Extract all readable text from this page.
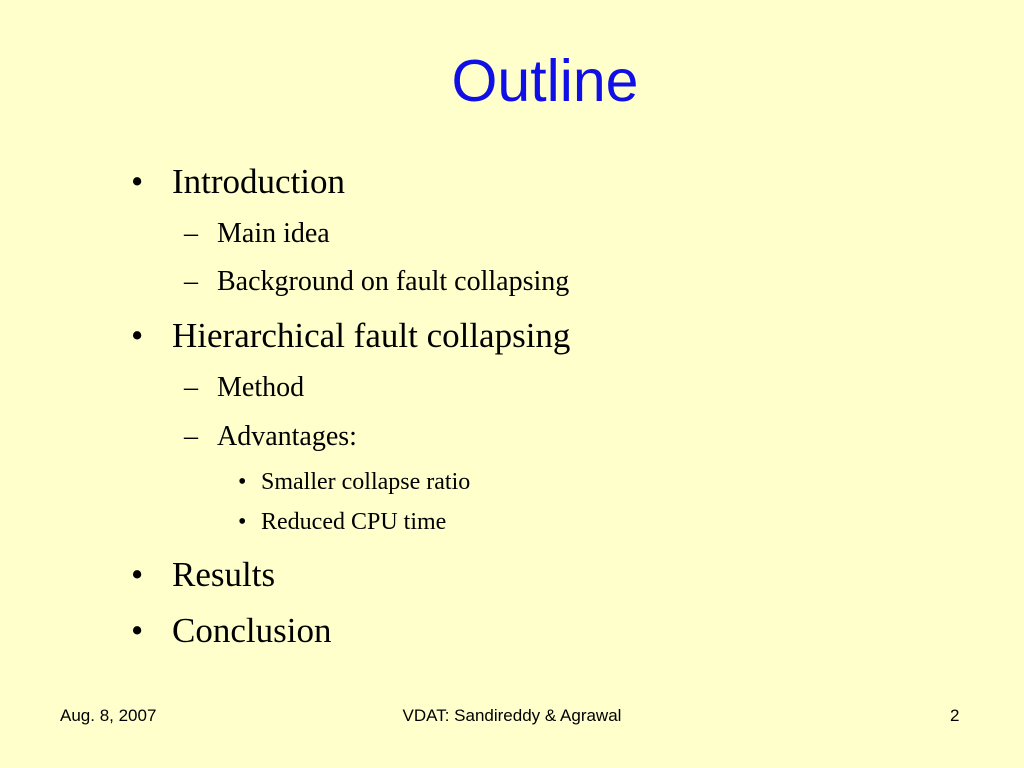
Outline
• Introduction
– Main idea
– Background on fault collapsing
• Hierarchical fault collapsing
– Method
– Advantages:
• Smaller collapse ratio
• Reduced CPU time
• Results
• Conclusion
Aug. 8, 2007	VDAT: Sandireddy & Agrawal	2
